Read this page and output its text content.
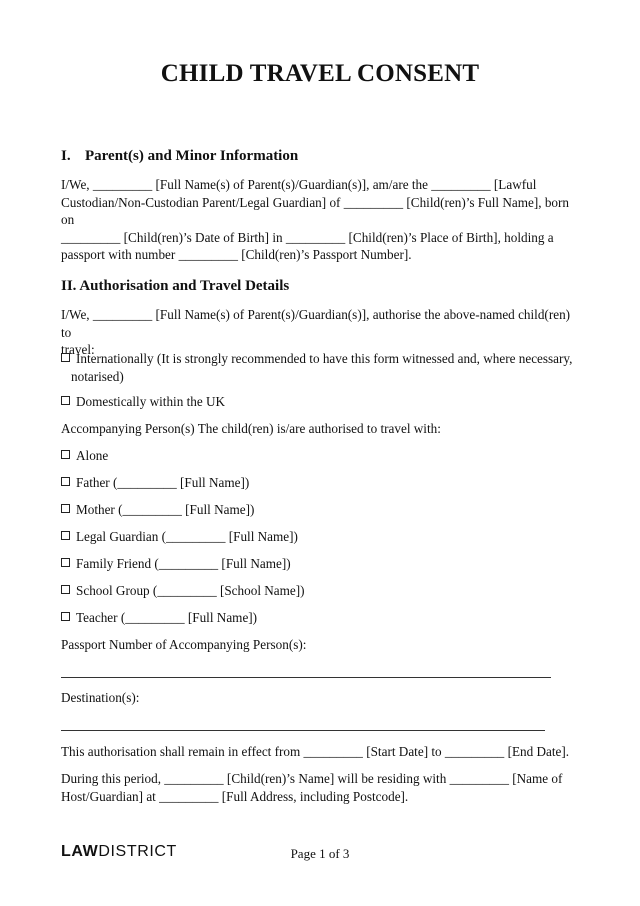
CHILD TRAVEL CONSENT
I. Parent(s) and Minor Information
I/We, _________ [Full Name(s) of Parent(s)/Guardian(s)], am/are the _________ [Lawful
Custodian/Non-Custodian Parent/Legal Guardian] of _________ [Child(ren)’s Full Name], born on
_________ [Child(ren)’s Date of Birth] in _________ [Child(ren)’s Place of Birth], holding a
passport with number _________ [Child(ren)’s Passport Number].
II. Authorisation and Travel Details
I/We, _________ [Full Name(s) of Parent(s)/Guardian(s)], authorise the above-named child(ren) to
travel:
Internationally (It is strongly recommended to have this form witnessed and, where necessary,
notarised)
Domestically within the UK
Accompanying Person(s) The child(ren) is/are authorised to travel with:
Alone
Father (_________ [Full Name])
Mother (_________ [Full Name])
Legal Guardian (_________ [Full Name])
Family Friend (_________ [Full Name])
School Group (_________ [School Name])
Teacher (_________ [Full Name])
Passport Number of Accompanying Person(s):
Destination(s):
This authorisation shall remain in effect from _________ [Start Date] to _________ [End Date].
During this period, _________ [Child(ren)’s Name] will be residing with _________ [Name of
Host/Guardian] at _________ [Full Address, including Postcode].
LAWDISTRICT	Page 1 of 3
